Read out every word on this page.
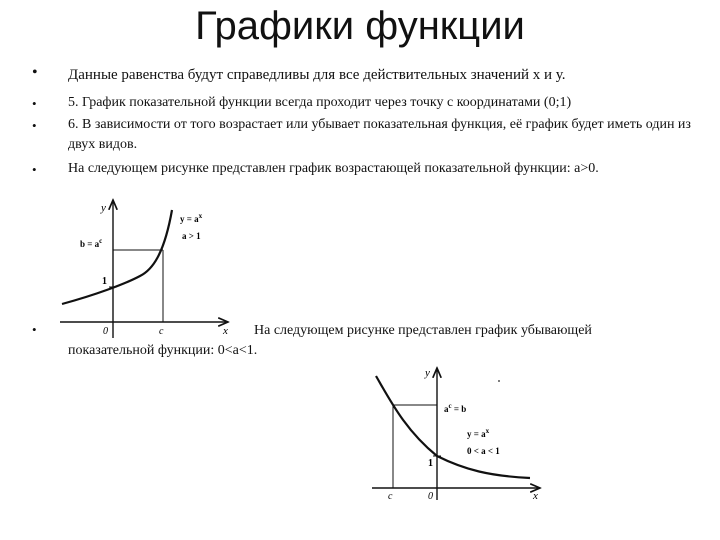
Графики функции
• Данные равенства будут справедливы для все действительных значений х и у.
• 5. График показательной функции всегда проходит через точку с координатами (0;1)
• 6. В зависимости от того возрастает или убывает показательная функция, её график будет иметь один из двух видов.
• На следующем рисунке представлен график возрастающей показательной функции: а>0.
•	На следующем рисунке представлен график убывающей показательной функции: 0<a<1.
y
x
0	c
1
$b = a^c$
$y = a^x$
a > 1
y
x
0
c
1
$a^c = b$
$y = a^x$
0 < a < 1
